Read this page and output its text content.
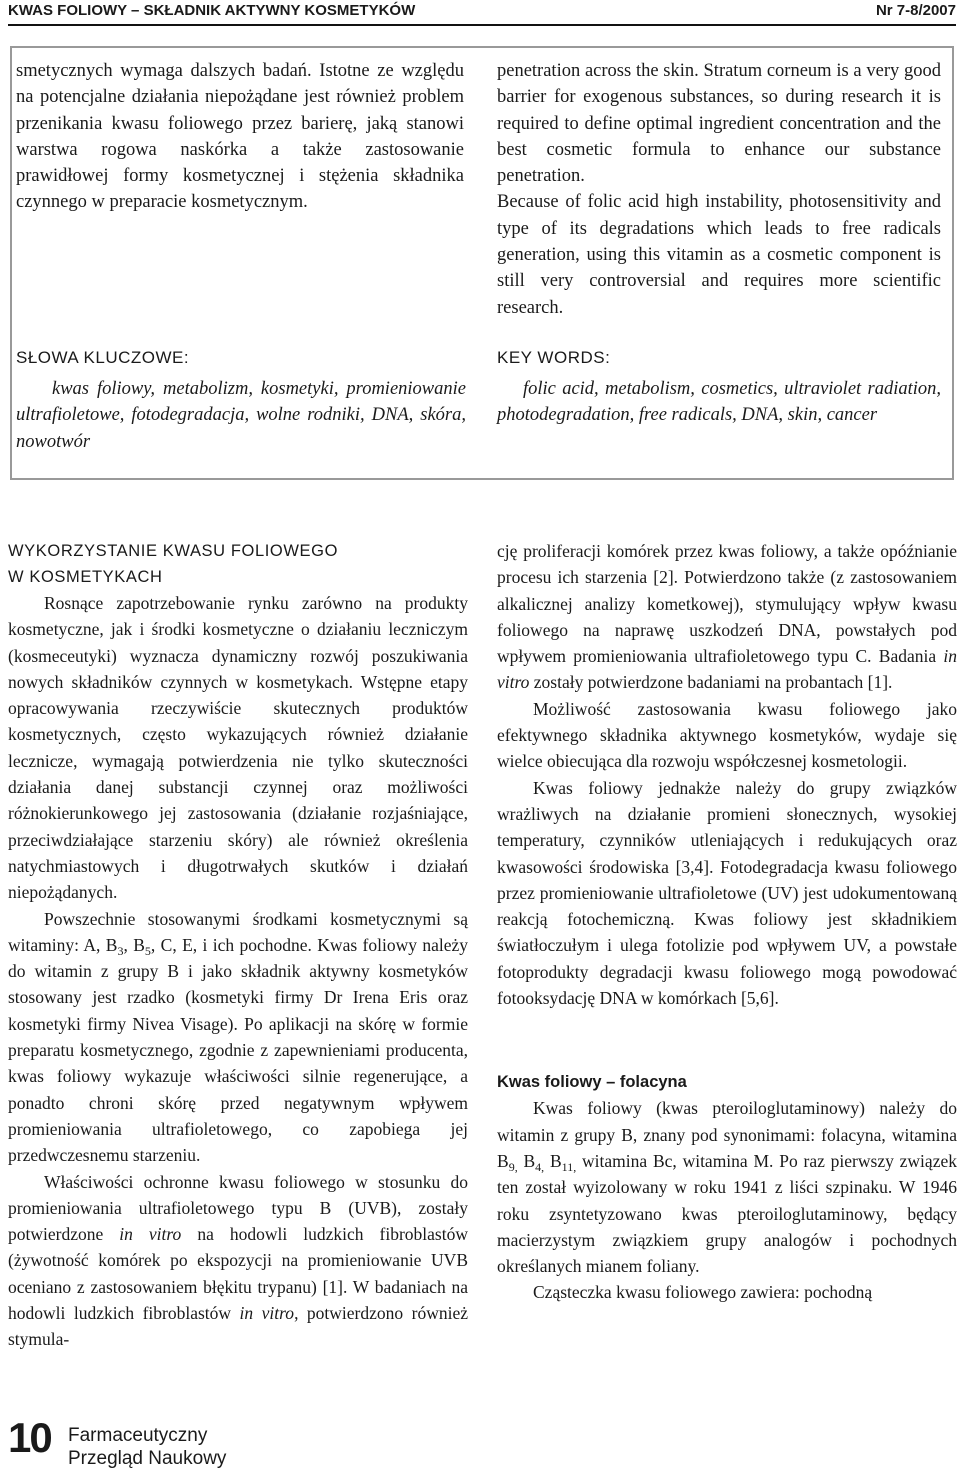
KWAS FOLIOWY – SKŁADNIK AKTYWNY KOSMETYKÓW	Nr 7-8/2007

smetycznych wymaga dalszych badań. Istotne ze względu na potencjalne działania niepożądane jest również problem przenikania kwasu foliowego przez barierę, jaką stanowi warstwa rogowa naskórka a także zastosowanie prawidłowej formy kosmetycznej i stężenia składnika czynnego w preparacie kosmetycznym.

penetration across the skin. Stratum corneum is a very good barrier for exogenous substances, so during research it is required to define optimal ingredient concentration and the best cosmetic formula to enhance our substance penetration.

Because of folic acid high instability, photosensitivity and type of its degradations which leads to free radicals generation, using this vitamin as a cosmetic component is still very controversial and requires more scientific research.

SŁOWA KLUCZOWE:
kwas foliowy, metabolizm, kosmetyki, promieniowanie ultrafioletowe, fotodegradacja, wolne rodniki, DNA, skóra, nowotwór
KEY WORDS:
folic acid, metabolism, cosmetics, ultraviolet radiation, photodegradation, free radicals, DNA, skin, cancer
WYKORZYSTANIE KWASU FOLIOWEGO
W KOSMETYKACH

Rosnące zapotrzebowanie rynku zarówno na produkty kosmetyczne, jak i środki kosmetyczne o działaniu leczniczym (kosmeceutyki) wyznacza dynamiczny rozwój poszukiwania nowych składników czynnych w kosmetykach. Wstępne etapy opracowywania rzeczywiście skutecznych produktów kosmetycznych, często wykazujących również działanie lecznicze, wymagają potwierdzenia nie tylko skuteczności działania danej substancji czynnej oraz możliwości różnokierunkowego jej zastosowania (działanie rozjaśniające, przeciwdziałające starzeniu skóry) ale również określenia natychmiastowych i długotrwałych skutków i działań niepożądanych.

Powszechnie stosowanymi środkami kosmetycznymi są witaminy: A, $B_3$, $B_5$, C, E, i ich pochodne. Kwas foliowy należy do witamin z grupy B i jako składnik aktywny kosmetyków stosowany jest rzadko (kosmetyki firmy Dr Irena Eris oraz kosmetyki firmy Nivea Visage). Po aplikacji na skórę w formie preparatu kosmetycznego, zgodnie z zapewnieniami producenta, kwas foliowy wykazuje właściwości silnie regenerujące, a ponadto chroni skórę przed negatywnym wpływem promieniowania ultrafioletowego, co zapobiega jej przedwczesnemu starzeniu.

Właściwości ochronne kwasu foliowego w stosunku do promieniowania ultrafioletowego typu B (UVB), zostały potwierdzone in vitro na hodowli ludzkich fibroblastów (żywotność komórek po ekspozycji na promieniowanie UVB oceniano z zastosowaniem błękitu trypanu) [1]. W badaniach na hodowli ludzkich fibroblastów in vitro, potwierdzono również stymula-

cję proliferacji komórek przez kwas foliowy, a także opóźnianie procesu ich starzenia [2]. Potwierdzono także (z zastosowaniem alkalicznej analizy kometkowej), stymulujący wpływ kwasu foliowego na naprawę uszkodzeń DNA, powstałych pod wpływem promieniowania ultrafioletowego typu C. Badania in vitro zostały potwierdzone badaniami na probantach [1].

Możliwość zastosowania kwasu foliowego jako efektywnego składnika aktywnego kosmetyków, wydaje się wielce obiecująca dla rozwoju współczesnej kosmetologii.

Kwas foliowy jednakże należy do grupy związków wrażliwych na działanie promieni słonecznych, wysokiej temperatury, czynników utleniających i redukujących oraz kwasowości środowiska [3,4]. Fotodegradacja kwasu foliowego przez promieniowanie ultrafioletowe (UV) jest udokumentowaną reakcją fotochemiczną. Kwas foliowy jest składnikiem światłoczułym i ulega fotolizie pod wpływem UV, a powstałe fotoprodukty degradacji kwasu foliowego mogą powodować fotooksydację DNA w komórkach [5,6].

Kwas foliowy – folacyna

Kwas foliowy (kwas pteroiloglutaminowy) należy do witamin z grupy B, znany pod synonimami: folacyna, witamina $B_{9,}$ $B_{4,}$ $B_{11,}$ witamina Bc, witamina M. Po raz pierwszy związek ten został wyizolowany w roku 1941 z liści szpinaku. W 1946 roku zsyntetyzowano kwas pteroiloglutaminowy, będący macierzystym związkiem grupy analogów i pochodnych określanych mianem foliany.

Cząsteczka kwasu foliowego zawiera: pochodną

10 Farmaceutyczny
Przegląd Naukowy
